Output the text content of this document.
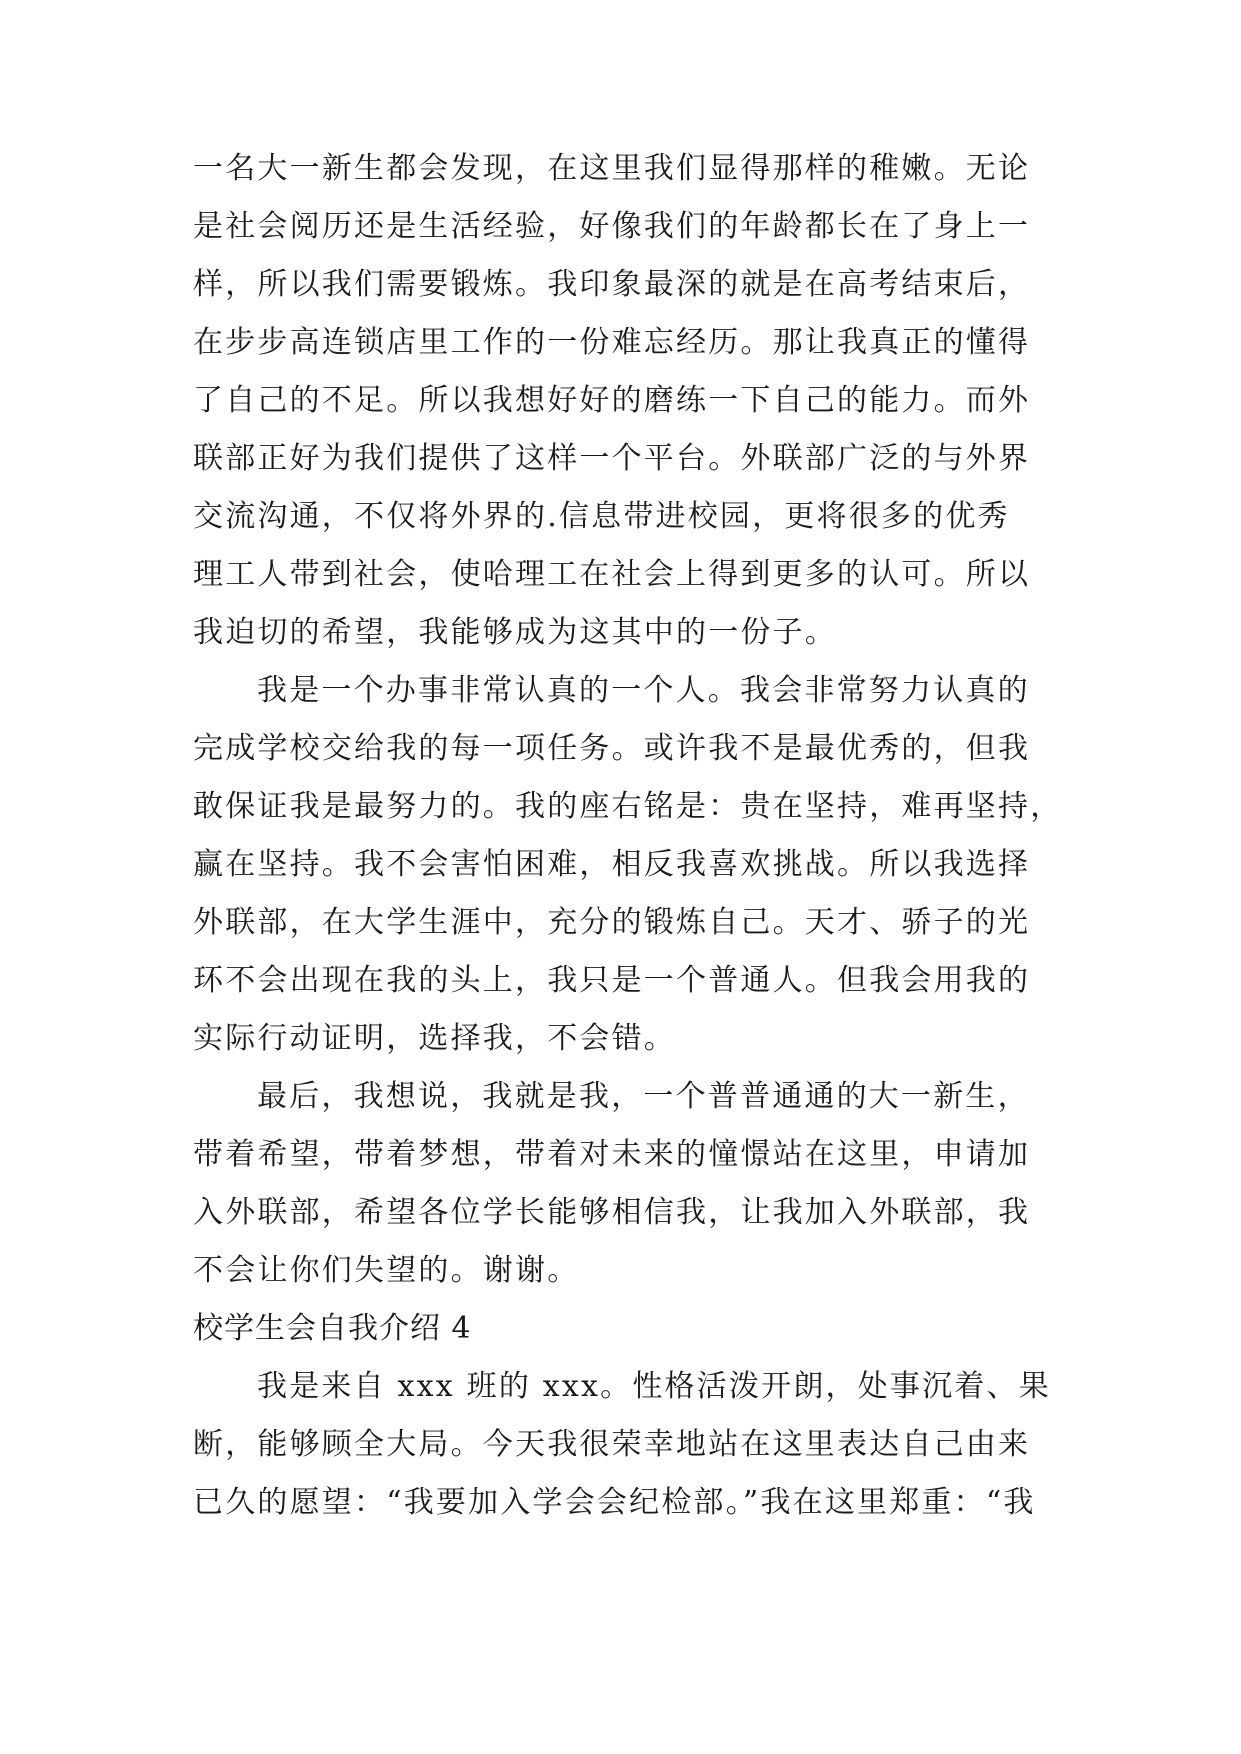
一名大一新生都会发现，在这里我们显得那样的稚嫩。无论
是社会阅历还是生活经验，好像我们的年龄都长在了身上一
样，所以我们需要锻炼。我印象最深的就是在高考结束后，
在步步高连锁店里工作的一份难忘经历。那让我真正的懂得
了自己的不足。所以我想好好的磨练一下自己的能力。而外
联部正好为我们提供了这样一个平台。外联部广泛的与外界
交流沟通，不仅将外界的.信息带进校园，更将很多的优秀
理工人带到社会，使哈理工在社会上得到更多的认可。所以
我迫切的希望，我能够成为这其中的一份子。
我是一个办事非常认真的一个人。我会非常努力认真的
完成学校交给我的每一项任务。或许我不是最优秀的，但我
敢保证我是最努力的。我的座右铭是：贵在坚持，难再坚持，
赢在坚持。我不会害怕困难，相反我喜欢挑战。所以我选择
外联部，在大学生涯中，充分的锻炼自己。天才、骄子的光
环不会出现在我的头上，我只是一个普通人。但我会用我的
实际行动证明，选择我，不会错。
最后，我想说，我就是我，一个普普通通的大一新生，
带着希望，带着梦想，带着对未来的憧憬站在这里，申请加
入外联部，希望各位学长能够相信我，让我加入外联部，我
不会让你们失望的。谢谢。
校学生会自我介绍 4
我是来自 xxx 班的 xxx。性格活泼开朗，处事沉着、果
断，能够顾全大局。今天我很荣幸地站在这里表达自己由来
已久的愿望：“我要加入学会会纪检部。”我在这里郑重：“我
